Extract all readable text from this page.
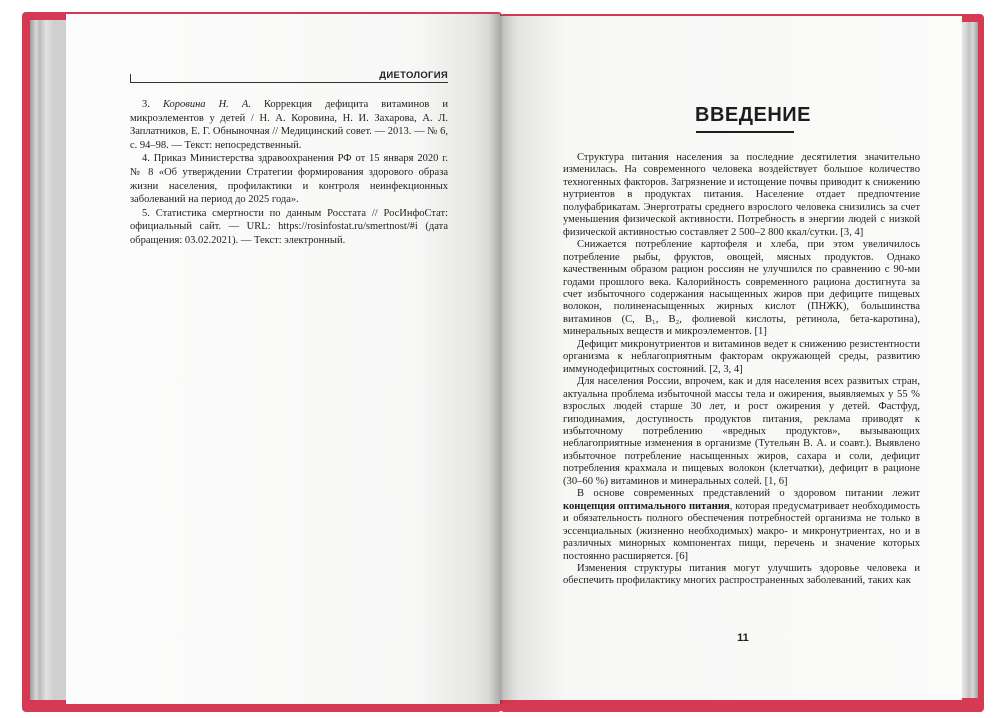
ДИЕТОЛОГИЯ

3. Коровина Н. А. Коррекция дефицита витаминов и микроэлементов у детей / Н. А. Коровина, Н. И. Захарова, А. Л. Заплатников, Е. Г. Обныночная // Медицинский совет. — 2013. — № 6, с. 94–98. — Текст: непосредственный.

4. Приказ Министерства здравоохранения РФ от 15 января 2020 г. № 8 «Об утверждении Стратегии формирования здорового образа жизни населения, профилактики и контроля неинфекционных заболеваний на период до 2025 года».

5. Статистика смертности по данным Росстата // РосИнфоСтат: официальный сайт. — URL: https://rosinfostat.ru/smertnost/#i (дата обращения: 03.02.2021). — Текст: электронный.

ВВЕДЕНИЕ

Структура питания населения за последние десятилетия значительно изменилась. На современного человека воздействует большое количество техногенных факторов. Загрязнение и истощение почвы приводит к снижению нутриентов в продуктах питания. Население отдает предпочтение полуфабрикатам. Энерготраты среднего взрослого человека снизились за счет уменьшения физической активности. Потребность в энергии людей с низкой физической активностью составляет 2 500–2 800 ккал/сутки. [3, 4]

Снижается потребление картофеля и хлеба, при этом увеличилось потребление рыбы, фруктов, овощей, мясных продуктов. Однако качественным образом рацион россиян не улучшился по сравнению с 90-ми годами прошлого века. Калорийность современного рациона достигнута за счет избыточного содержания насыщенных жиров при дефиците пищевых волокон, полиненасыщенных жирных кислот (ПНЖК), большинства витаминов (C, B₁, B₂, фолиевой кислоты, ретинола, бета-каротина), минеральных веществ и микроэлементов. [1]

Дефицит микронутриентов и витаминов ведет к снижению резистентности организма к неблагоприятным факторам окружающей среды, развитию иммунодефицитных состояний. [2, 3, 4]

Для населения России, впрочем, как и для населения всех развитых стран, актуальна проблема избыточной массы тела и ожирения, выявляемых у 55 % взрослых людей старше 30 лет, и рост ожирения у детей. Фастфуд, гиподинамия, доступность продуктов питания, реклама приводят к избыточному потреблению «вредных продуктов», вызывающих неблагоприятные изменения в организме (Тутельян В. А. и соавт.). Выявлено избыточное потребление насыщенных жиров, сахара и соли, дефицит потребления крахмала и пищевых волокон (клетчатки), дефицит в рационе (30–60 %) витаминов и минеральных солей. [1, 6]

В основе современных представлений о здоровом питании лежит концепция оптимального питания, которая предусматривает необходимость и обязательность полного обеспечения потребностей организма не только в эссенциальных (жизненно необходимых) макро- и микронутриентах, но и в различных минорных компонентах пищи, перечень и значение которых постоянно расширяется. [6]

Изменения структуры питания могут улучшить здоровье человека и обеспечить профилактику многих распространенных заболеваний, таких как

11
